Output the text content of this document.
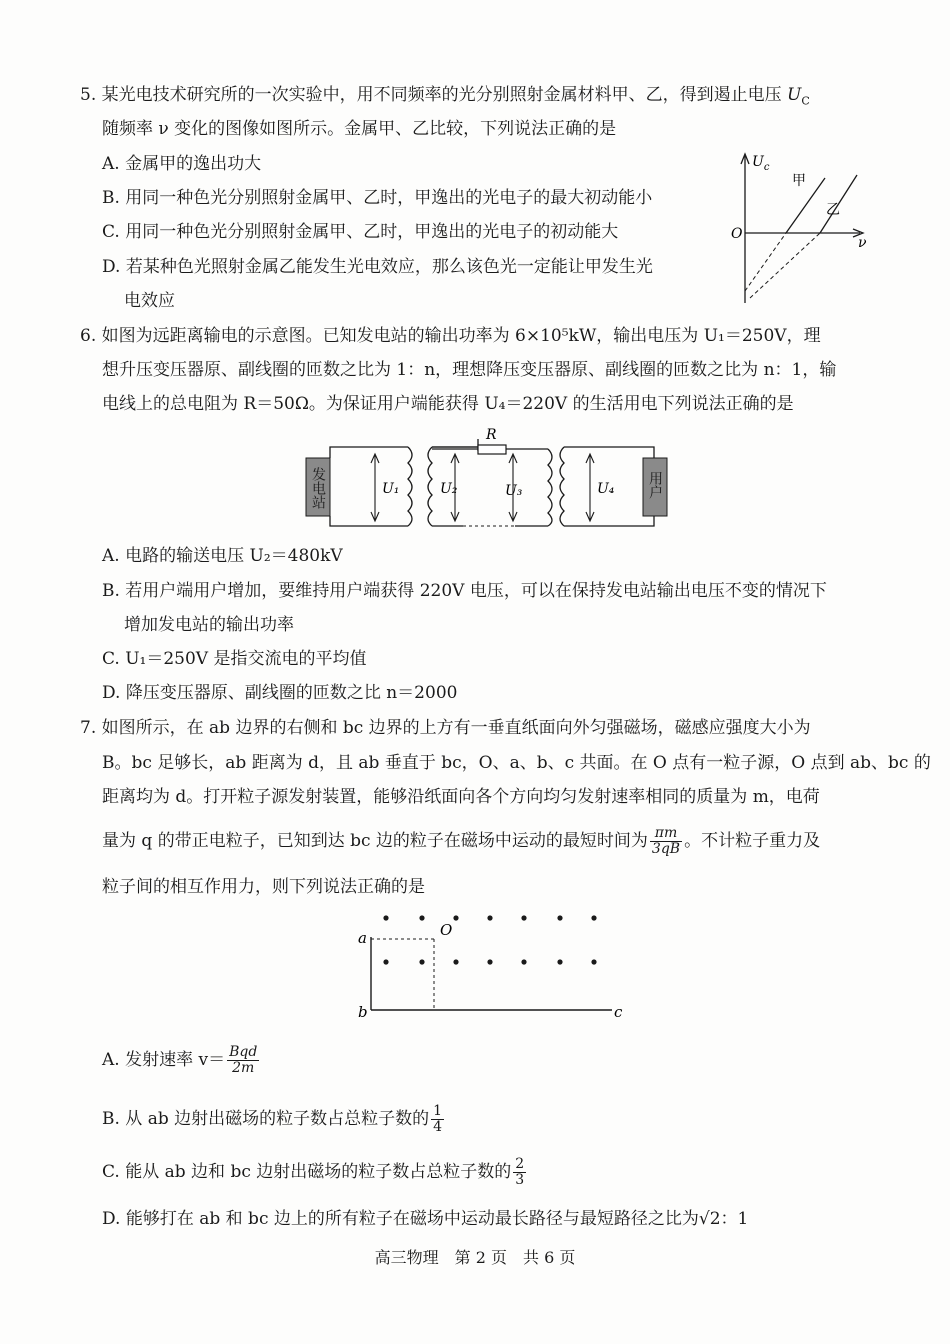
5. 某光电技术研究所的一次实验中，用不同频率的光分别照射金属材料甲、乙，得到遏止电压 $U_C$
随频率 ν 变化的图像如图所示。金属甲、乙比较，下列说法正确的是
A. 金属甲的逸出功大
B. 用同一种色光分别照射金属甲、乙时，甲逸出的光电子的最大初动能小
C. 用同一种色光分别照射金属甲、乙时，甲逸出的光电子的初动能大
D. 若某种色光照射金属乙能发生光电效应，那么该色光一定能让甲发生光
电效应
$U_c$
O
ν
甲
乙
6. 如图为远距离输电的示意图。已知发电站的输出功率为 6×10⁵kW，输出电压为 U₁＝250V，理
想升压变压器原、副线圈的匝数之比为 1：n，理想降压变压器原、副线圈的匝数之比为 n：1，输
电线上的总电阻为 R＝50Ω。为保证用户端能获得 U₄＝220V 的生活用电下列说法正确的是
发电站	U₁
R
U₂	U₃	U₄ 用户
A. 电路的输送电压 U₂＝480kV
B. 若用户端用户增加，要维持用户端获得 220V 电压，可以在保持发电站输出电压不变的情况下
增加发电站的输出功率
C. U₁＝250V 是指交流电的平均值
D. 降压变压器原、副线圈的匝数之比 n＝2000
7. 如图所示，在 ab 边界的右侧和 bc 边界的上方有一垂直纸面向外匀强磁场，磁感应强度大小为
B。bc 足够长，ab 距离为 d，且 ab 垂直于 bc，O、a、b、c 共面。在 O 点有一粒子源，O 点到 ab、bc 的
距离均为 d。打开粒子源发射装置，能够沿纸面向各个方向均匀发射速率相同的质量为 m，电荷
量为 q 的带正电粒子，已知到达 bc 边的粒子在磁场中运动的最短时间为 $\frac{\pi m}{3qB}$ 。不计粒子重力及
粒子间的相互作用力，则下列说法正确的是
a
b	c
O
A. 发射速率 $v= \frac{\text{Bqd}}{2m}$
B. 从 ab 边射出磁场的粒子数占总粒子数的 $\frac{1}{4}$
C. 能从 ab 边和 bc 边射出磁场的粒子数占总粒子数的 $\frac{2}{3}$
D. 能够打在 ab 和 bc 边上的所有粒子在磁场中运动最长路径与最短路径之比为√2：1
高三物理　第 2 页　共 6 页
